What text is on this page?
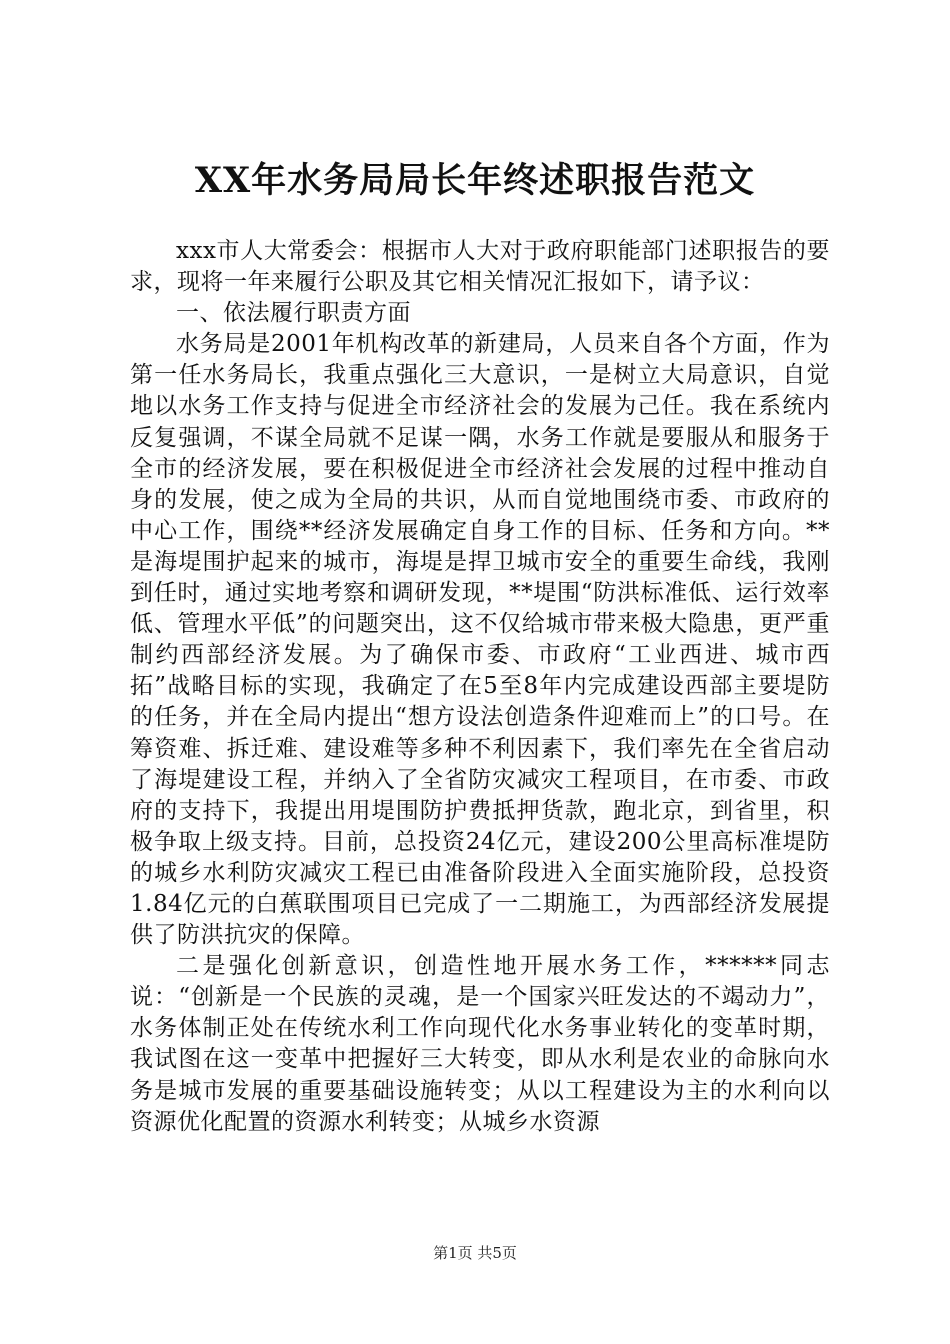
XX年水务局局长年终述职报告范文

xxx市人大常委会：根据市人大对于政府职能部门述职报告的要求，现将一年来履行公职及其它相关情况汇报如下，请予议：

一、依法履行职责方面

水务局是2001年机构改革的新建局，人员来自各个方面，作为第一任水务局长，我重点强化三大意识，一是树立大局意识，自觉地以水务工作支持与促进全市经济社会的发展为己任。我在系统内反复强调，不谋全局就不足谋一隅，水务工作就是要服从和服务于全市的经济发展，要在积极促进全市经济社会发展的过程中推动自身的发展，使之成为全局的共识，从而自觉地围绕市委、市政府的中心工作，围绕**经济发展确定自身工作的目标、任务和方向。**是海堤围护起来的城市，海堤是捍卫城市安全的重要生命线，我刚到任时，通过实地考察和调研发现，**堤围“防洪标准低、运行效率低、管理水平低”的问题突出，这不仅给城市带来极大隐患，更严重制约西部经济发展。为了确保市委、市政府“工业西进、城市西拓”战略目标的实现，我确定了在5至8年内完成建设西部主要堤防的任务，并在全局内提出“想方设法创造条件迎难而上”的口号。在筹资难、拆迁难、建设难等多种不利因素下，我们率先在全省启动了海堤建设工程，并纳入了全省防灾减灾工程项目，在市委、市政府的支持下，我提出用堤围防护费抵押货款，跑北京，到省里，积极争取上级支持。目前，总投资24亿元，建设200公里高标准堤防的城乡水利防灾减灾工程已由准备阶段进入全面实施阶段，总投资1.84亿元的白蕉联围项目已完成了一二期施工，为西部经济发展提供了防洪抗灾的保障。

二是强化创新意识，创造性地开展水务工作，******同志说：“创新是一个民族的灵魂，是一个国家兴旺发达的不竭动力”，水务体制正处在传统水利工作向现代化水务事业转化的变革时期，我试图在这一变革中把握好三大转变，即从水利是农业的命脉向水务是城市发展的重要基础设施转变；从以工程建设为主的水利向以资源优化配置的资源水利转变；从城乡水资源

第1页 共5页
